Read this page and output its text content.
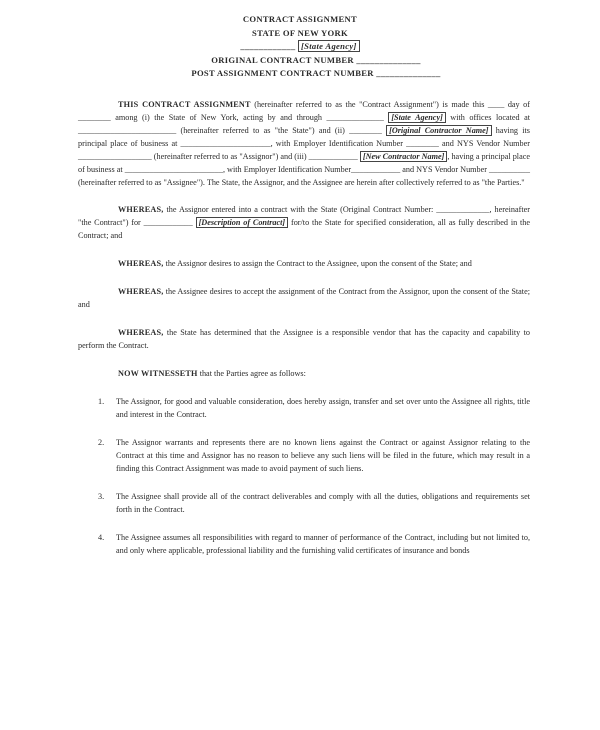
CONTRACT ASSIGNMENT
STATE OF NEW YORK
____________ [State Agency]
ORIGINAL CONTRACT NUMBER ______________
POST ASSIGNMENT CONTRACT NUMBER ______________

THIS CONTRACT ASSIGNMENT (hereinafter referred to as the "Contract Assignment") is made this ____ day of ________ among (i) the State of New York, acting by and through ______________ [State Agency] with offices located at ________________________ (hereinafter referred to as "the State") and (ii) ________ [Original Contractor Name] having its principal place of business at ______________________, with Employer Identification Number ________ and NYS Vendor Number __________________ (hereinafter referred to as "Assignor") and (iii) ____________ [New Contractor Name] , having a principal place of business at ________________________, with Employer Identification Number____________ and NYS Vendor Number __________ (hereinafter referred to as "Assignee"). The State, the Assignor, and the Assignee are herein after collectively referred to as "the Parties."

WHEREAS, the Assignor entered into a contract with the State (Original Contract Number: _____________, hereinafter "the Contract") for ____________ [Description of Contract] for/to the State for specified consideration, all as fully described in the Contract; and

WHEREAS, the Assignor desires to assign the Contract to the Assignee, upon the consent of the State; and

WHEREAS, the Assignee desires to accept the assignment of the Contract from the Assignor, upon the consent of the State; and

WHEREAS, the State has determined that the Assignee is a responsible vendor that has the capacity and capability to perform the Contract.

NOW WITNESSETH that the Parties agree as follows:

1. The Assignor, for good and valuable consideration, does hereby assign, transfer and set over unto the Assignee all rights, title and interest in the Contract.
2. The Assignor warrants and represents there are no known liens against the Contract or against Assignor relating to the Contract at this time and Assignor has no reason to believe any such liens will be filed in the future, which may result in a finding this Contract Assignment was made to avoid payment of such liens.
3. The Assignee shall provide all of the contract deliverables and comply with all the duties, obligations and requirements set forth in the Contract.
4. The Assignee assumes all responsibilities with regard to manner of performance of the Contract, including but not limited to, and only where applicable, professional liability and the furnishing valid certificates of insurance and bonds
